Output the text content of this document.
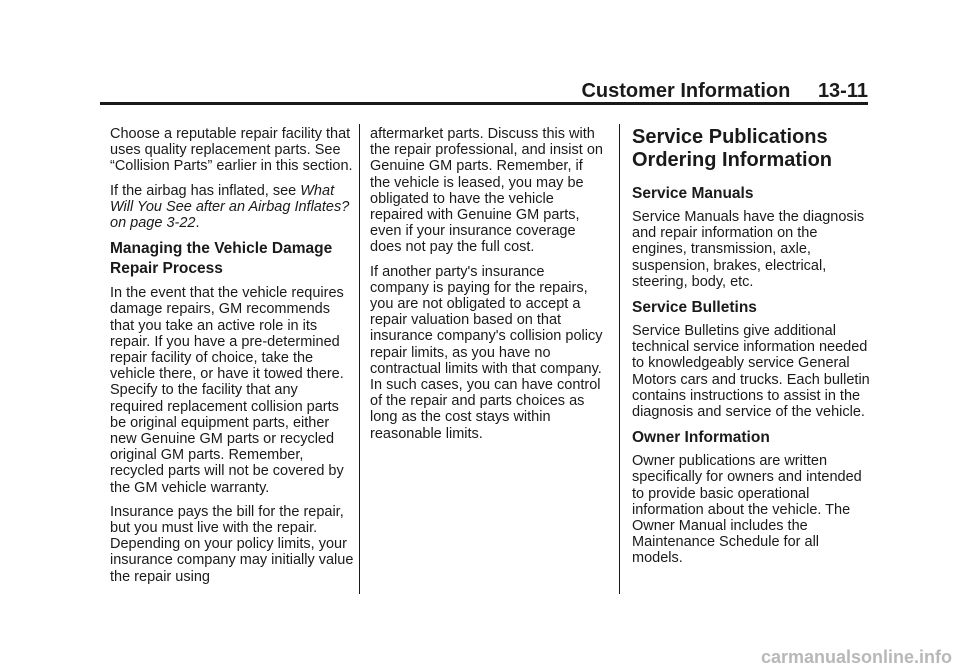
Customer Information 13-11

Choose a reputable repair facility that uses quality replacement parts. See “Collision Parts” earlier in this section.

If the airbag has inflated, see What Will You See after an Airbag Inflates? on page 3-22.

Managing the Vehicle Damage Repair Process

In the event that the vehicle requires damage repairs, GM recommends that you take an active role in its repair. If you have a pre-determined repair facility of choice, take the vehicle there, or have it towed there. Specify to the facility that any required replacement collision parts be original equipment parts, either new Genuine GM parts or recycled original GM parts. Remember, recycled parts will not be covered by the GM vehicle warranty.

Insurance pays the bill for the repair, but you must live with the repair. Depending on your policy limits, your insurance company may initially value the repair using

aftermarket parts. Discuss this with the repair professional, and insist on Genuine GM parts. Remember, if the vehicle is leased, you may be obligated to have the vehicle repaired with Genuine GM parts, even if your insurance coverage does not pay the full cost.

If another party's insurance company is paying for the repairs, you are not obligated to accept a repair valuation based on that insurance company's collision policy repair limits, as you have no contractual limits with that company. In such cases, you can have control of the repair and parts choices as long as the cost stays within reasonable limits.

Service Publications Ordering Information
Service Manuals

Service Manuals have the diagnosis and repair information on the engines, transmission, axle, suspension, brakes, electrical, steering, body, etc.

Service Bulletins

Service Bulletins give additional technical service information needed to knowledgeably service General Motors cars and trucks. Each bulletin contains instructions to assist in the diagnosis and service of the vehicle.

Owner Information

Owner publications are written specifically for owners and intended to provide basic operational information about the vehicle. The Owner Manual includes the Maintenance Schedule for all models.

carmanualsonline.info
